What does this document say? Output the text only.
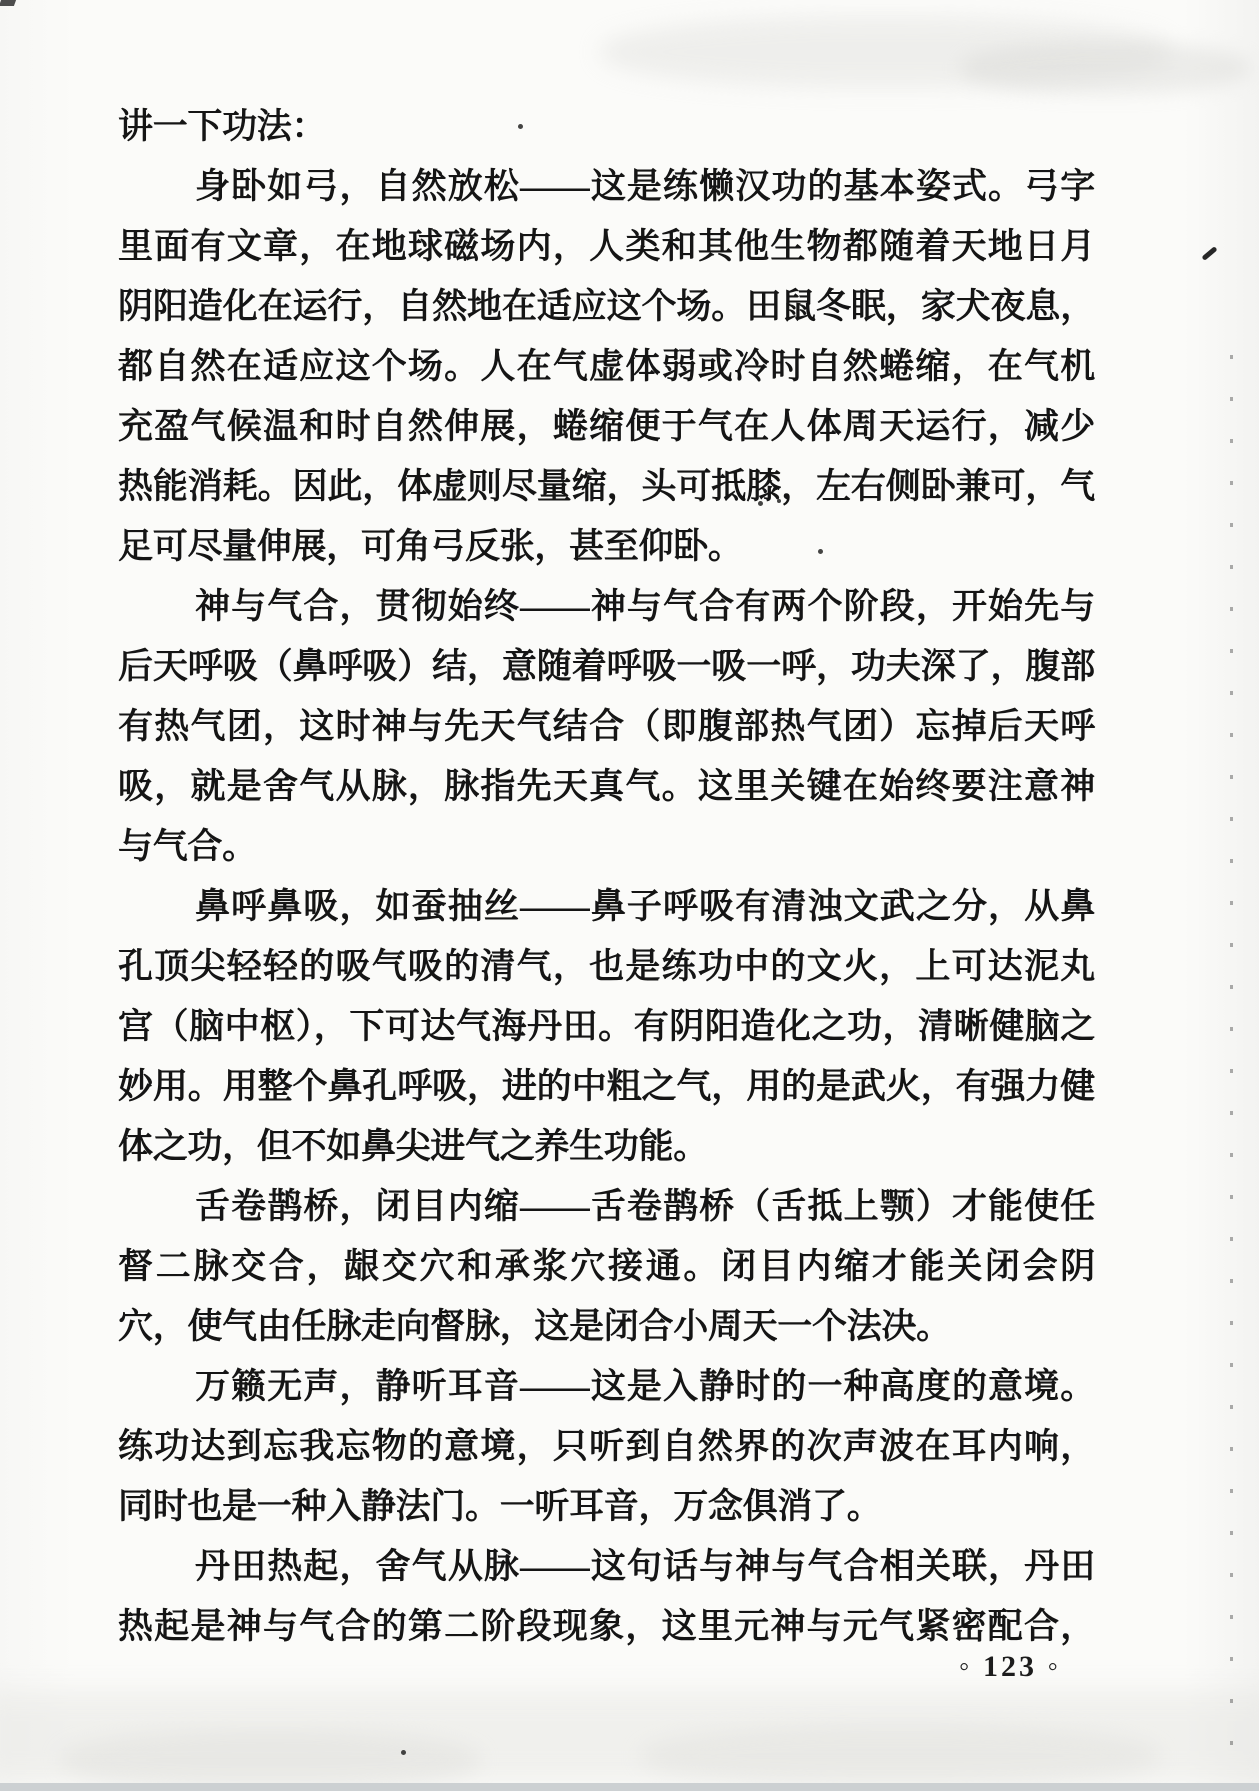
讲一下功法：
身卧如弓，自然放松——这是练懒汉功的基本姿式。弓字
里面有文章，在地球磁场内，人类和其他生物都随着天地日月
阴阳造化在运行，自然地在适应这个场。田鼠冬眠，家犬夜息，
都自然在适应这个场。人在气虚体弱或冷时自然蜷缩，在气机
充盈气候温和时自然伸展，蜷缩便于气在人体周天运行，减少
热能消耗。因此，体虚则尽量缩，头可抵膝，左右侧卧兼可，气
足可尽量伸展，可角弓反张，甚至仰卧。
神与气合，贯彻始终——神与气合有两个阶段，开始先与
后天呼吸（鼻呼吸）结，意随着呼吸一吸一呼，功夫深了，腹部
有热气团，这时神与先天气结合（即腹部热气团）忘掉后天呼
吸，就是舍气从脉，脉指先天真气。这里关键在始终要注意神
与气合。
鼻呼鼻吸，如蚕抽丝——鼻子呼吸有清浊文武之分，从鼻
孔顶尖轻轻的吸气吸的清气，也是练功中的文火，上可达泥丸
宫（脑中枢），下可达气海丹田。有阴阳造化之功，清晰健脑之
妙用。用整个鼻孔呼吸，进的中粗之气，用的是武火，有强力健
体之功，但不如鼻尖进气之养生功能。
舌卷鹊桥，闭目内缩——舌卷鹊桥（舌抵上颚）才能使任
督二脉交合，龈交穴和承浆穴接通。闭目内缩才能关闭会阴
穴，使气由任脉走向督脉，这是闭合小周天一个法决。
万籁无声，静听耳音——这是入静时的一种高度的意境。
练功达到忘我忘物的意境，只听到自然界的次声波在耳内响，
同时也是一种入静法门。一听耳音，万念俱消了。
丹田热起，舍气从脉——这句话与神与气合相关联，丹田
热起是神与气合的第二阶段现象，这里元神与元气紧密配合，
◦ 123 ◦
